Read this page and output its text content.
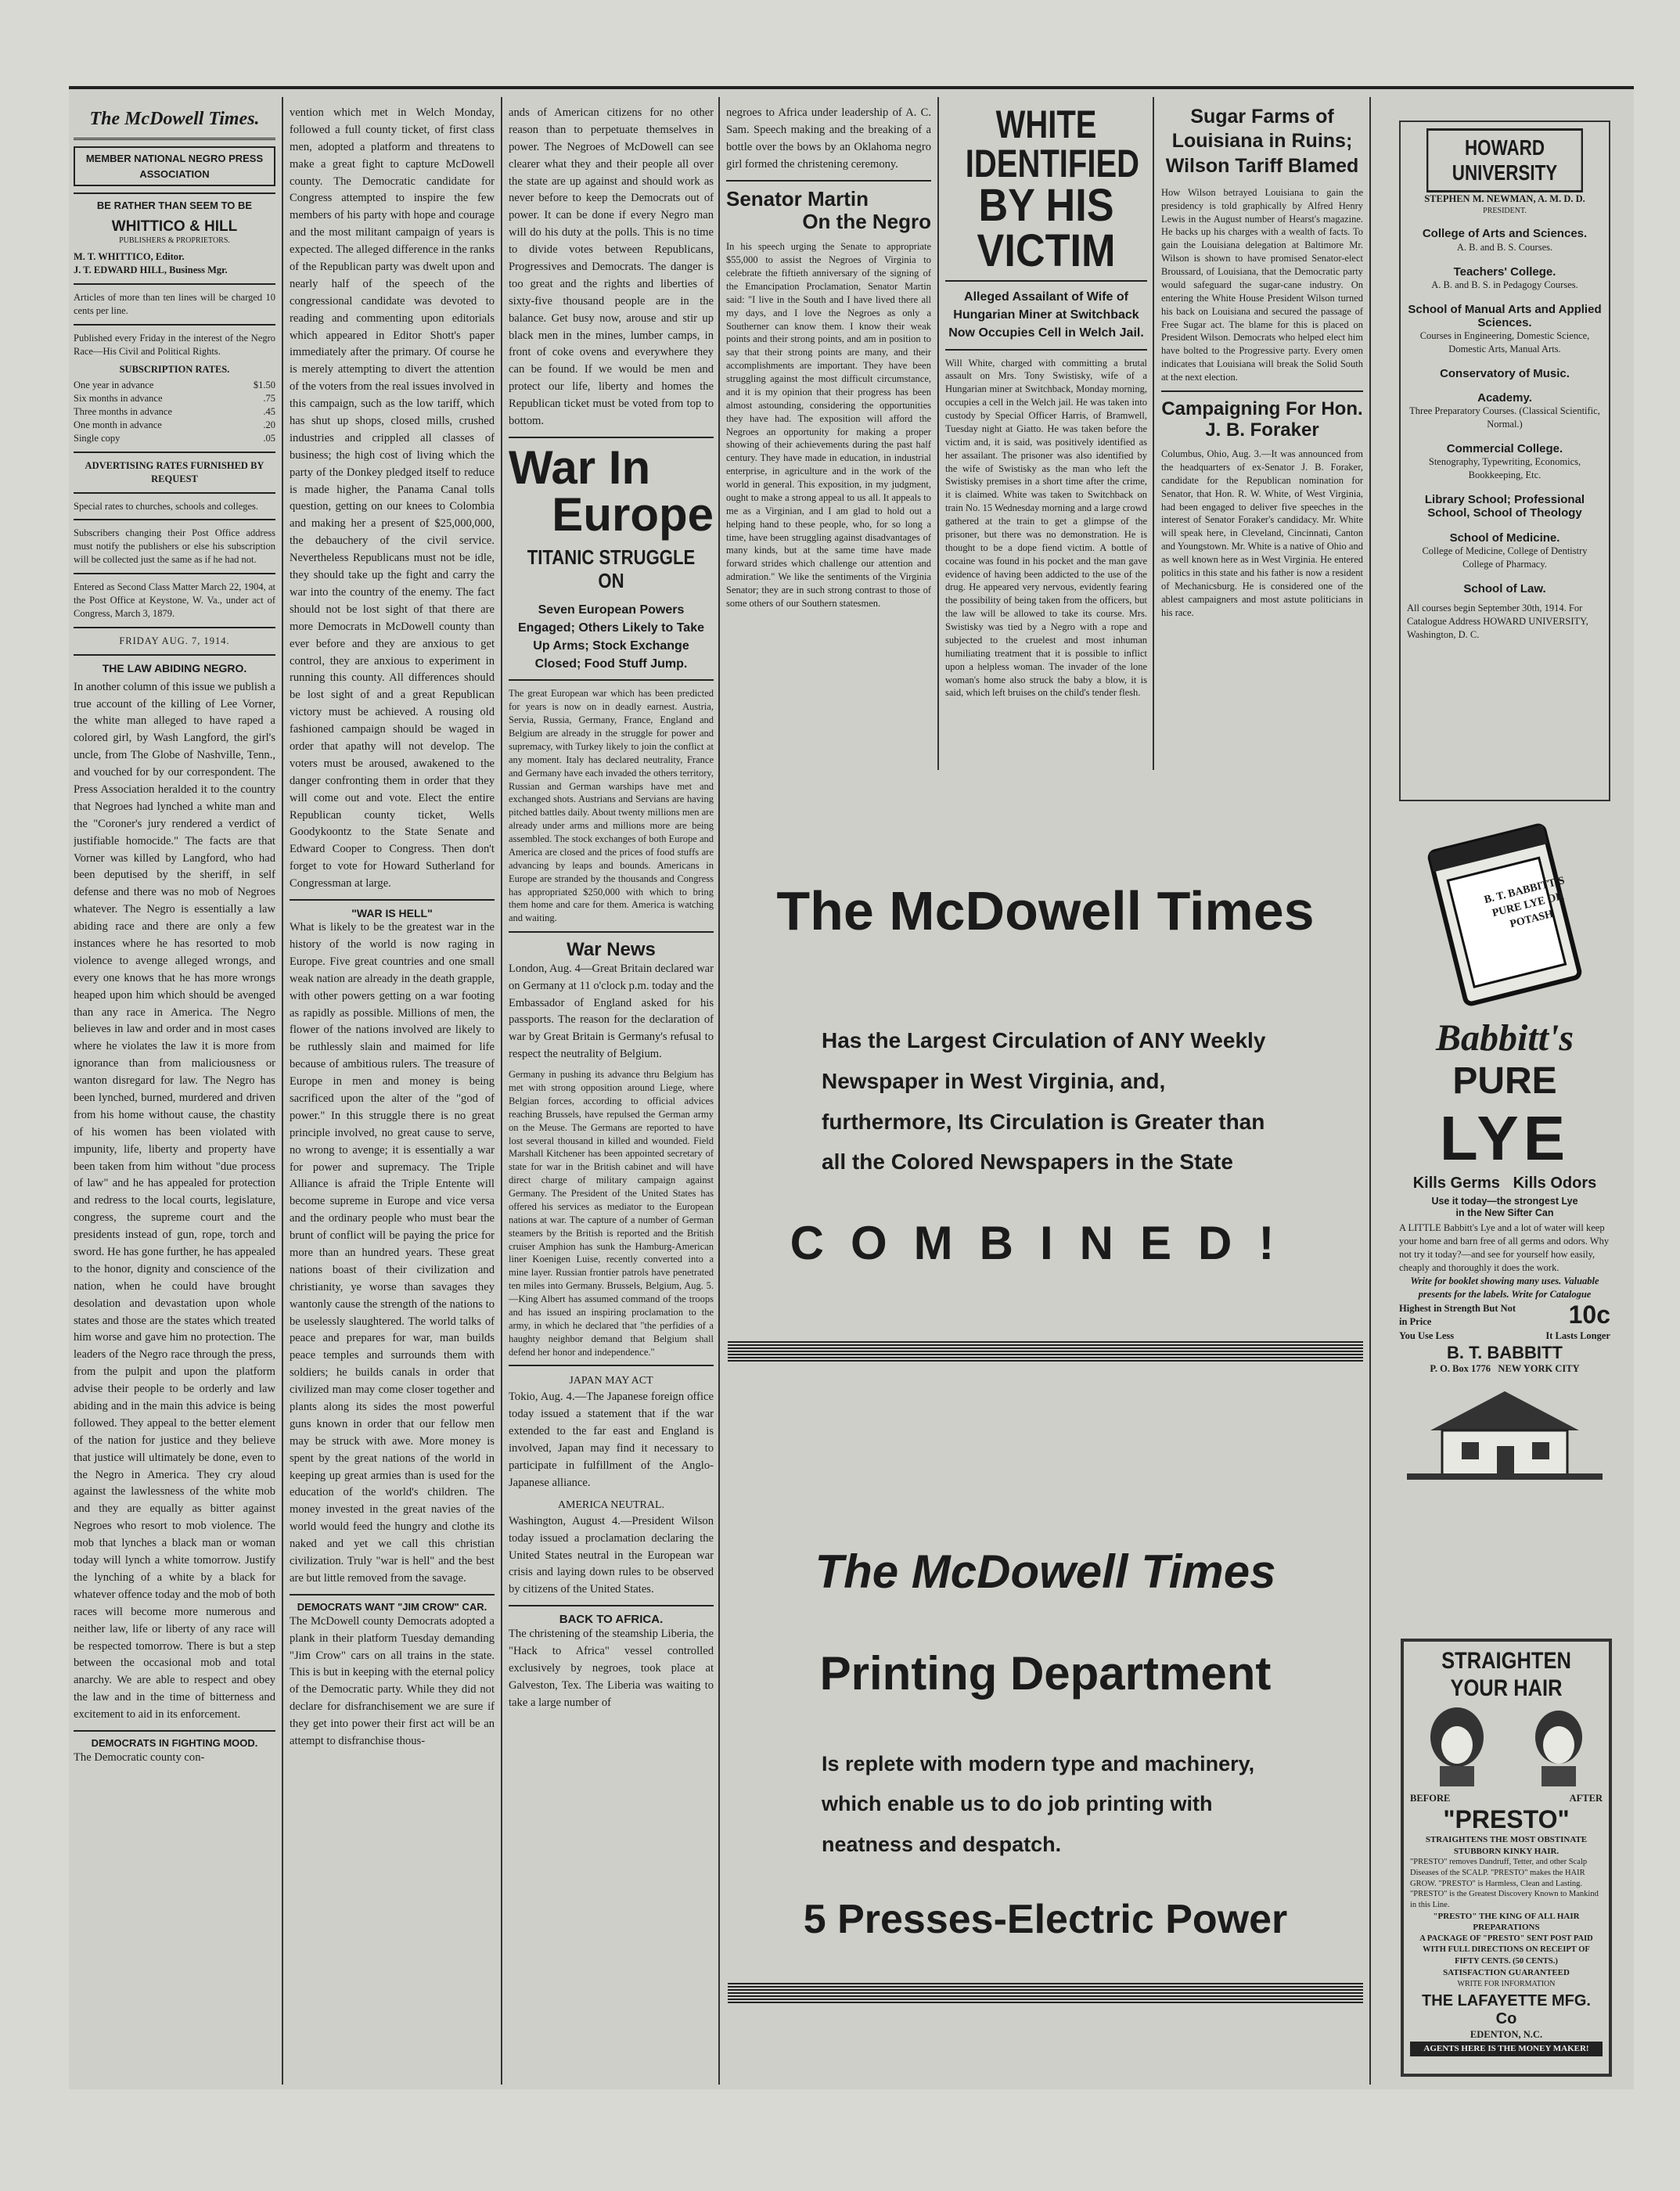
The McDowell Times.
MEMBER NATIONAL NEGRO PRESS ASSOCIATION
BE RATHER THAN SEEM TO BE
WHITTICO & HILL
PUBLISHERS & PROPRIETORS.
M. T. WHITTICO, Editor.
J. T. EDWARD HILL, Business Mgr.

Articles of more than ten lines will be charged 10 cents per line.

Published every Friday in the interest of the Negro Race—His Civil and Political Rights.

SUBSCRIPTION RATES.
One year in advance	$1.50
Six months in advance	.75
Three months in advance	.45
One month in advance	.20
Single copy	.05
ADVERTISING RATES FURNISHED BY REQUEST

Special rates to churches, schools and colleges.

Subscribers changing their Post Office address must notify the publishers or else his subscription will be collected just the same as if he had not.

Entered as Second Class Matter March 22, 1904, at the Post Office at Keystone, W. Va., under act of Congress, March 3, 1879.

FRIDAY AUG. 7, 1914.
THE LAW ABIDING NEGRO.

In another column of this issue we publish a true account of the killing of Lee Vorner, the white man alleged to have raped a colored girl, by Wash Langford, the girl's uncle, from The Globe of Nashville, Tenn., and vouched for by our correspondent. The Press Association heralded it to the country that Negroes had lynched a white man and the "Coroner's jury rendered a verdict of justifiable homocide." The facts are that Vorner was killed by Langford, who had been deputised by the sheriff, in self defense and there was no mob of Negroes whatever. The Negro is essentially a law abiding race and there are only a few instances where he has resorted to mob violence to avenge alleged wrongs, and every one knows that he has more wrongs heaped upon him which should be avenged than any race in America. The Negro believes in law and order and in most cases where he violates the law it is more from ignorance than from maliciousness or wanton disregard for law. The Negro has been lynched, burned, murdered and driven from his home without cause, the chastity of his women has been violated with impunity, life, liberty and property have been taken from him without "due process of law" and he has appealed for protection and redress to the local courts, legislature, congress, the supreme court and the presidents instead of gun, rope, torch and sword. He has gone further, he has appealed to the honor, dignity and conscience of the nation, when he could have brought desolation and devastation upon whole states and those are the states which treated him worse and gave him no protection. The leaders of the Negro race through the press, from the pulpit and upon the platform advise their people to be orderly and law abiding and in the main this advice is being followed. They appeal to the better element of the nation for justice and they believe that justice will ultimately be done, even to the Negro in America. They cry aloud against the lawlessness of the white mob and they are equally as bitter against Negroes who resort to mob violence. The mob that lynches a black man or woman today will lynch a white tomorrow. Justify the lynching of a white by a black for whatever offence today and the mob of both races will become more numerous and neither law, life or liberty of any race will be respected tomorrow. There is but a step between the occasional mob and total anarchy. We are able to respect and obey the law and in the time of bitterness and excitement to aid in its enforcement.

DEMOCRATS IN FIGHTING MOOD.

The Democratic county con-

vention which met in Welch Monday, followed a full county ticket, of first class men, adopted a platform and threatens to make a great fight to capture McDowell county. The Democratic candidate for Congress attempted to inspire the few members of his party with hope and courage and the most militant campaign of years is expected. The alleged difference in the ranks of the Republican party was dwelt upon and nearly half of the speech of the congressional candidate was devoted to reading and commenting upon editorials which appeared in Editor Shott's paper immediately after the primary. Of course he is merely attempting to divert the attention of the voters from the real issues involved in this campaign, such as the low tariff, which has shut up shops, closed mills, crushed industries and crippled all classes of business; the high cost of living which the party of the Donkey pledged itself to reduce is made higher, the Panama Canal tolls question, getting on our knees to Colombia and making her a present of $25,000,000, the debauchery of the civil service. Nevertheless Republicans must not be idle, they should take up the fight and carry the war into the country of the enemy. The fact should not be lost sight of that there are more Democrats in McDowell county than ever before and they are anxious to get control, they are anxious to experiment in running this county. All differences should be lost sight of and a great Republican victory must be achieved. A rousing old fashioned campaign should be waged in order that apathy will not develop. The voters must be aroused, awakened to the danger confronting them in order that they will come out and vote. Elect the entire Republican county ticket, Wells Goodykoontz to the State Senate and Edward Cooper to Congress. Then don't forget to vote for Howard Sutherland for Congressman at large.

"WAR IS HELL"

What is likely to be the greatest war in the history of the world is now raging in Europe. Five great countries and one small weak nation are already in the death grapple, with other powers getting on a war footing as rapidly as possible. Millions of men, the flower of the nations involved are likely to be ruthlessly slain and maimed for life because of ambitious rulers. The treasure of Europe in men and money is being sacrificed upon the alter of the "god of power." In this struggle there is no great principle involved, no great cause to serve, no wrong to avenge; it is essentially a war for power and supremacy. The Triple Alliance is afraid the Triple Entente will become supreme in Europe and vice versa and the ordinary people who must bear the brunt of conflict will be paying the price for more than an hundred years. These great nations boast of their civilization and christianity, ye worse than savages they wantonly cause the strength of the nations to be uselessly slaughtered. The world talks of peace and prepares for war, man builds peace temples and surrounds them with soldiers; he builds canals in order that civilized man may come closer together and plants along its sides the most powerful guns known in order that our fellow men may be struck with awe. More money is spent by the great nations of the world in keeping up great armies than is used for the education of the world's children. The money invested in the great navies of the world would feed the hungry and clothe its naked and yet we call this christian civilization. Truly "war is hell" and the best are but little removed from the savage.

DEMOCRATS WANT "JIM CROW" CAR.

The McDowell county Democrats adopted a plank in their platform Tuesday demanding "Jim Crow" cars on all trains in the state. This is but in keeping with the eternal policy of the Democratic party. While they did not declare for disfranchisement we are sure if they get into power their first act will be an attempt to disfranchise thous-

ands of American citizens for no other reason than to perpetuate themselves in power. The Negroes of McDowell can see clearer what they and their people all over the state are up against and should work as never before to keep the Democrats out of power. It can be done if every Negro man will do his duty at the polls. This is no time to divide votes between Republicans, Progressives and Democrats. The danger is too great and the rights and liberties of sixty-five thousand people are in the balance. Get busy now, arouse and stir up black men in the mines, lumber camps, in front of coke ovens and everywhere they can be found. If we would be men and protect our life, liberty and homes the Republican ticket must be voted from top to bottom.

War In
Europe
TITANIC STRUGGLE ON
Seven European Powers Engaged; Others Likely to Take Up Arms; Stock Exchange Closed; Food Stuff Jump.

The great European war which has been predicted for years is now on in deadly earnest. Austria, Servia, Russia, Germany, France, England and Belgium are already in the struggle for power and supremacy, with Turkey likely to join the conflict at any moment. Italy has declared neutrality, France and Germany have each invaded the others territory, Russian and German warships have met and exchanged shots. Austrians and Servians are having pitched battles daily. About twenty millions men are already under arms and millions more are being assembled. The stock exchanges of both Europe and America are closed and the prices of food stuffs are advancing by leaps and bounds. Americans in Europe are stranded by the thousands and Congress has appropriated $250,000 with which to bring them home and care for them. America is watching and waiting.

War News

London, Aug. 4—Great Britain declared war on Germany at 11 o'clock p.m. today and the Embassador of England asked for his passports. The reason for the declaration of war by Great Britain is Germany's refusal to respect the neutrality of Belgium.

Germany in pushing its advance thru Belgium has met with strong opposition around Liege, where Belgian forces, according to official advices reaching Brussels, have repulsed the German army on the Meuse. The Germans are reported to have lost several thousand in killed and wounded. Field Marshall Kitchener has been appointed secretary of state for war in the British cabinet and will have direct charge of military campaign against Germany. The President of the United States has offered his services as mediator to the European nations at war. The capture of a number of German steamers by the British is reported and the British cruiser Amphion has sunk the Hamburg-American liner Koenigen Luise, recently converted into a mine layer. Russian frontier patrols have penetrated ten miles into Germany. Brussels, Belgium, Aug. 5.—King Albert has assumed command of the troops and has issued an inspiring proclamation to the army, in which he declared that "the perfidies of a haughty neighbor demand that Belgium shall defend her honor and independence."

JAPAN MAY ACT

Tokio, Aug. 4.—The Japanese foreign office today issued a statement that if the war extended to the far east and England is involved, Japan may find it necessary to participate in fulfillment of the Anglo-Japanese alliance.

AMERICA NEUTRAL.

Washington, August 4.—President Wilson today issued a proclamation declaring the United States neutral in the European war crisis and laying down rules to be observed by citizens of the United States.

BACK TO AFRICA.

The christening of the steamship Liberia, the "Hack to Africa" vessel controlled exclusively by negroes, took place at Galveston, Tex. The Liberia was waiting to take a large number of

negroes to Africa under leadership of A. C. Sam. Speech making and the breaking of a bottle over the bows by an Oklahoma negro girl formed the christening ceremony.

Senator Martin
On the Negro

In his speech urging the Senate to appropriate $55,000 to assist the Negroes of Virginia to celebrate the fiftieth anniversary of the signing of the Emancipation Proclamation, Senator Martin said: "I live in the South and I have lived there all my days, and I love the Negroes as only a Southerner can know them. I know their weak points and their strong points, and am in position to say that their strong points are many, and their accomplishments are important. They have been struggling against the most difficult circumstance, and it is my opinion that their progress has been almost astounding, considering the opportunities they have had. The exposition will afford the Negroes an opportunity for making a proper showing of their achievements during the past half century. They have made in education, in industrial enterprise, in agriculture and in the work of the world in general. This exposition, in my judgment, ought to make a strong appeal to us all. It appeals to me as a Virginian, and I am glad to hold out a helping hand to these people, who, for so long a time, have been struggling against disadvantages of many kinds, but at the same time have made forward strides which challenge our attention and admiration." We like the sentiments of the Virginia Senator; they are in such strong contrast to those of some others of our Southern statesmen.

WHITE IDENTIFIED
BY HIS VICTIM
Alleged Assailant of Wife of Hungarian Miner at Switchback Now Occupies Cell in Welch Jail.

Will White, charged with committing a brutal assault on Mrs. Tony Swistisky, wife of a Hungarian miner at Switchback, Monday morning, occupies a cell in the Welch jail. He was taken into custody by Special Officer Harris, of Bramwell, Tuesday night at Giatto. He was taken before the victim and, it is said, was positively identified as her assailant. The prisoner was also identified by the wife of Swistisky as the man who left the Swistisky premises in a short time after the crime, it is claimed. White was taken to Switchback on train No. 15 Wednesday morning and a large crowd gathered at the train to get a glimpse of the prisoner, but there was no demonstration. He is thought to be a dope fiend victim. A bottle of cocaine was found in his pocket and the man gave evidence of having been addicted to the use of the drug. He appeared very nervous, evidently fearing the possibility of being taken from the officers, but the law will be allowed to take its course. Mrs. Swistisky was tied by a Negro with a rope and subjected to the cruelest and most inhuman humiliating treatment that it is possible to inflict upon a helpless woman. The invader of the lone woman's home also struck the baby a blow, it is said, which left bruises on the child's tender flesh.

Sugar Farms of Louisiana in Ruins; Wilson Tariff Blamed

How Wilson betrayed Louisiana to gain the presidency is told graphically by Alfred Henry Lewis in the August number of Hearst's magazine. He backs up his charges with a wealth of facts. To gain the Louisiana delegation at Baltimore Mr. Wilson is shown to have promised Senator-elect Broussard, of Louisiana, that the Democratic party would safeguard the sugar-cane industry. On entering the White House President Wilson turned his back on Louisiana and secured the passage of Free Sugar act. The blame for this is placed on President Wilson. Democrats who helped elect him have bolted to the Progressive party. Every omen indicates that Louisiana will break the Solid South at the next election.

Campaigning For Hon. J. B. Foraker

Columbus, Ohio, Aug. 3.—It was announced from the headquarters of ex-Senator J. B. Foraker, candidate for the Republican nomination for Senator, that Hon. R. W. White, of West Virginia, had been engaged to deliver five speeches in the interest of Senator Foraker's candidacy. Mr. White will speak here, in Cleveland, Cincinnati, Canton and Youngstown. Mr. White is a native of Ohio and as well known here as in West Virginia. He entered politics in this state and his father is now a resident of Mechanicsburg. He is considered one of the ablest campaigners and most astute politicians in his race.

The McDowell Times
Has the Largest Circulation of ANY Weekly Newspaper in West Virginia, and, furthermore, Its Circulation is Greater than all the Colored Newspapers in the State
COMBINED!
The McDowell Times
Printing Department
Is replete with modern type and machinery, which enable us to do job printing with neatness and despatch.
5 Presses-Electric Power
HOWARD UNIVERSITY
STEPHEN M. NEWMAN, A. M. D. D.
PRESIDENT.
College of Arts and Sciences.
A. B. and B. S. Courses.
Teachers' College.
A. B. and B. S. in Pedagogy Courses.
School of Manual Arts and Applied Sciences.
Courses in Engineering, Domestic Science, Domestic Arts, Manual Arts.
Conservatory of Music.
Academy.
Three Preparatory Courses. (Classical Scientific, Normal.)
Commercial College.
Stenography, Typewriting, Economics, Bookkeeping, Etc.
Library School; Professional School, School of Theology
School of Medicine.
College of Medicine, College of Dentistry College of Pharmacy.
School of Law.

All courses begin September 30th, 1914. For Catalogue Address HOWARD UNIVERSITY, Washington, D. C.

B. T. BABBITT'S PURE LYE OR POTASH
Babbitt's
PURE
LYE
Kills Germs   Kills Odors
Use it today—the strongest Lye in the New Sifter Can

A LITTLE Babbitt's Lye and a lot of water will keep your home and barn free of all germs and odors. Why not try it today?—and see for yourself how easily, cheaply and thoroughly it does the work.

Write for booklet showing many uses. Valuable presents for the labels. Write for Catalogue

Highest in Strength But Not in Price	10c
You Use Less	It Lasts Longer
B. T. BABBITT
P. O. Box 1776   NEW YORK CITY
STRAIGHTEN
YOUR HAIR
BEFORE	AFTER
"PRESTO"
STRAIGHTENS THE MOST OBSTINATE STUBBORN KINKY HAIR.

"PRESTO" removes Dandruff, Tetter, and other Scalp Diseases of the SCALP. "PRESTO" makes the HAIR GROW. "PRESTO" is Harmless, Clean and Lasting. "PRESTO" is the Greatest Discovery Known to Mankind in this Line.

"PRESTO" THE KING OF ALL HAIR PREPARATIONS
A PACKAGE OF "PRESTO" SENT POST PAID WITH FULL DIRECTIONS ON RECEIPT OF FIFTY CENTS. (50 CENTS.)
SATISFACTION GUARANTEED
WRITE FOR INFORMATION
THE LAFAYETTE MFG. Co
EDENTON, N.C.
AGENTS HERE IS THE MONEY MAKER!
